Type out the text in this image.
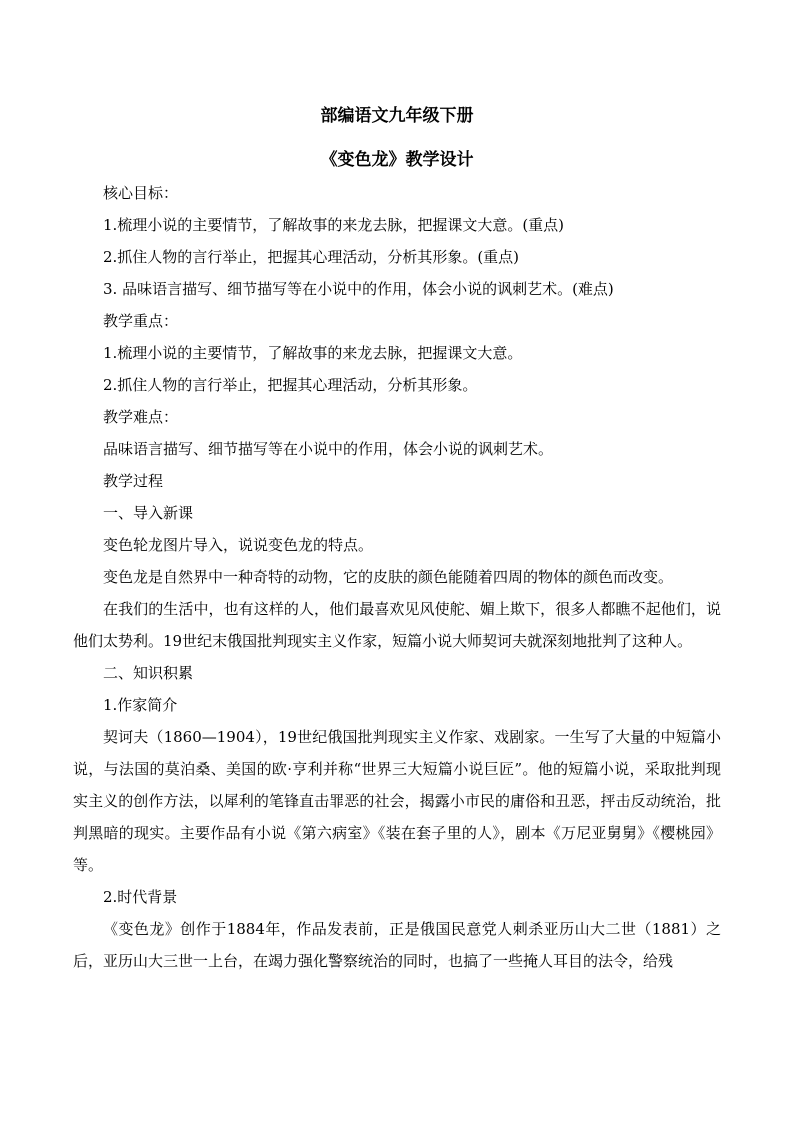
部编语文九年级下册
《变色龙》教学设计

核心目标：

1.梳理小说的主要情节，了解故事的来龙去脉，把握课文大意。(重点)

2.抓住人物的言行举止，把握其心理活动，分析其形象。(重点)

3. 品味语言描写、细节描写等在小说中的作用，体会小说的讽刺艺术。(难点)

教学重点：

1.梳理小说的主要情节，了解故事的来龙去脉，把握课文大意。

2.抓住人物的言行举止，把握其心理活动，分析其形象。

教学难点：

品味语言描写、细节描写等在小说中的作用，体会小说的讽刺艺术。

教学过程

一、导入新课

变色轮龙图片导入，说说变色龙的特点。

变色龙是自然界中一种奇特的动物，它的皮肤的颜色能随着四周的物体的颜色而改变。

在我们的生活中，也有这样的人，他们最喜欢见风使舵、媚上欺下，很多人都瞧不起他们，说他们太势利。19世纪末俄国批判现实主义作家，短篇小说大师契诃夫就深刻地批判了这种人。

二、知识积累

1.作家简介

契诃夫（1860—1904），19世纪俄国批判现实主义作家、戏剧家。一生写了大量的中短篇小说，与法国的莫泊桑、美国的欧·亨利并称“世界三大短篇小说巨匠”。他的短篇小说，采取批判现实主义的创作方法，以犀利的笔锋直击罪恶的社会，揭露小市民的庸俗和丑恶，抨击反动统治，批判黑暗的现实。主要作品有小说《第六病室》《装在套子里的人》，剧本《万尼亚舅舅》《樱桃园》等。

2.时代背景

《变色龙》创作于1884年，作品发表前，正是俄国民意党人刺杀亚历山大二世（1881）之后，亚历山大三世一上台，在竭力强化警察统治的同时，也搞了一些掩人耳目的法令，给残
